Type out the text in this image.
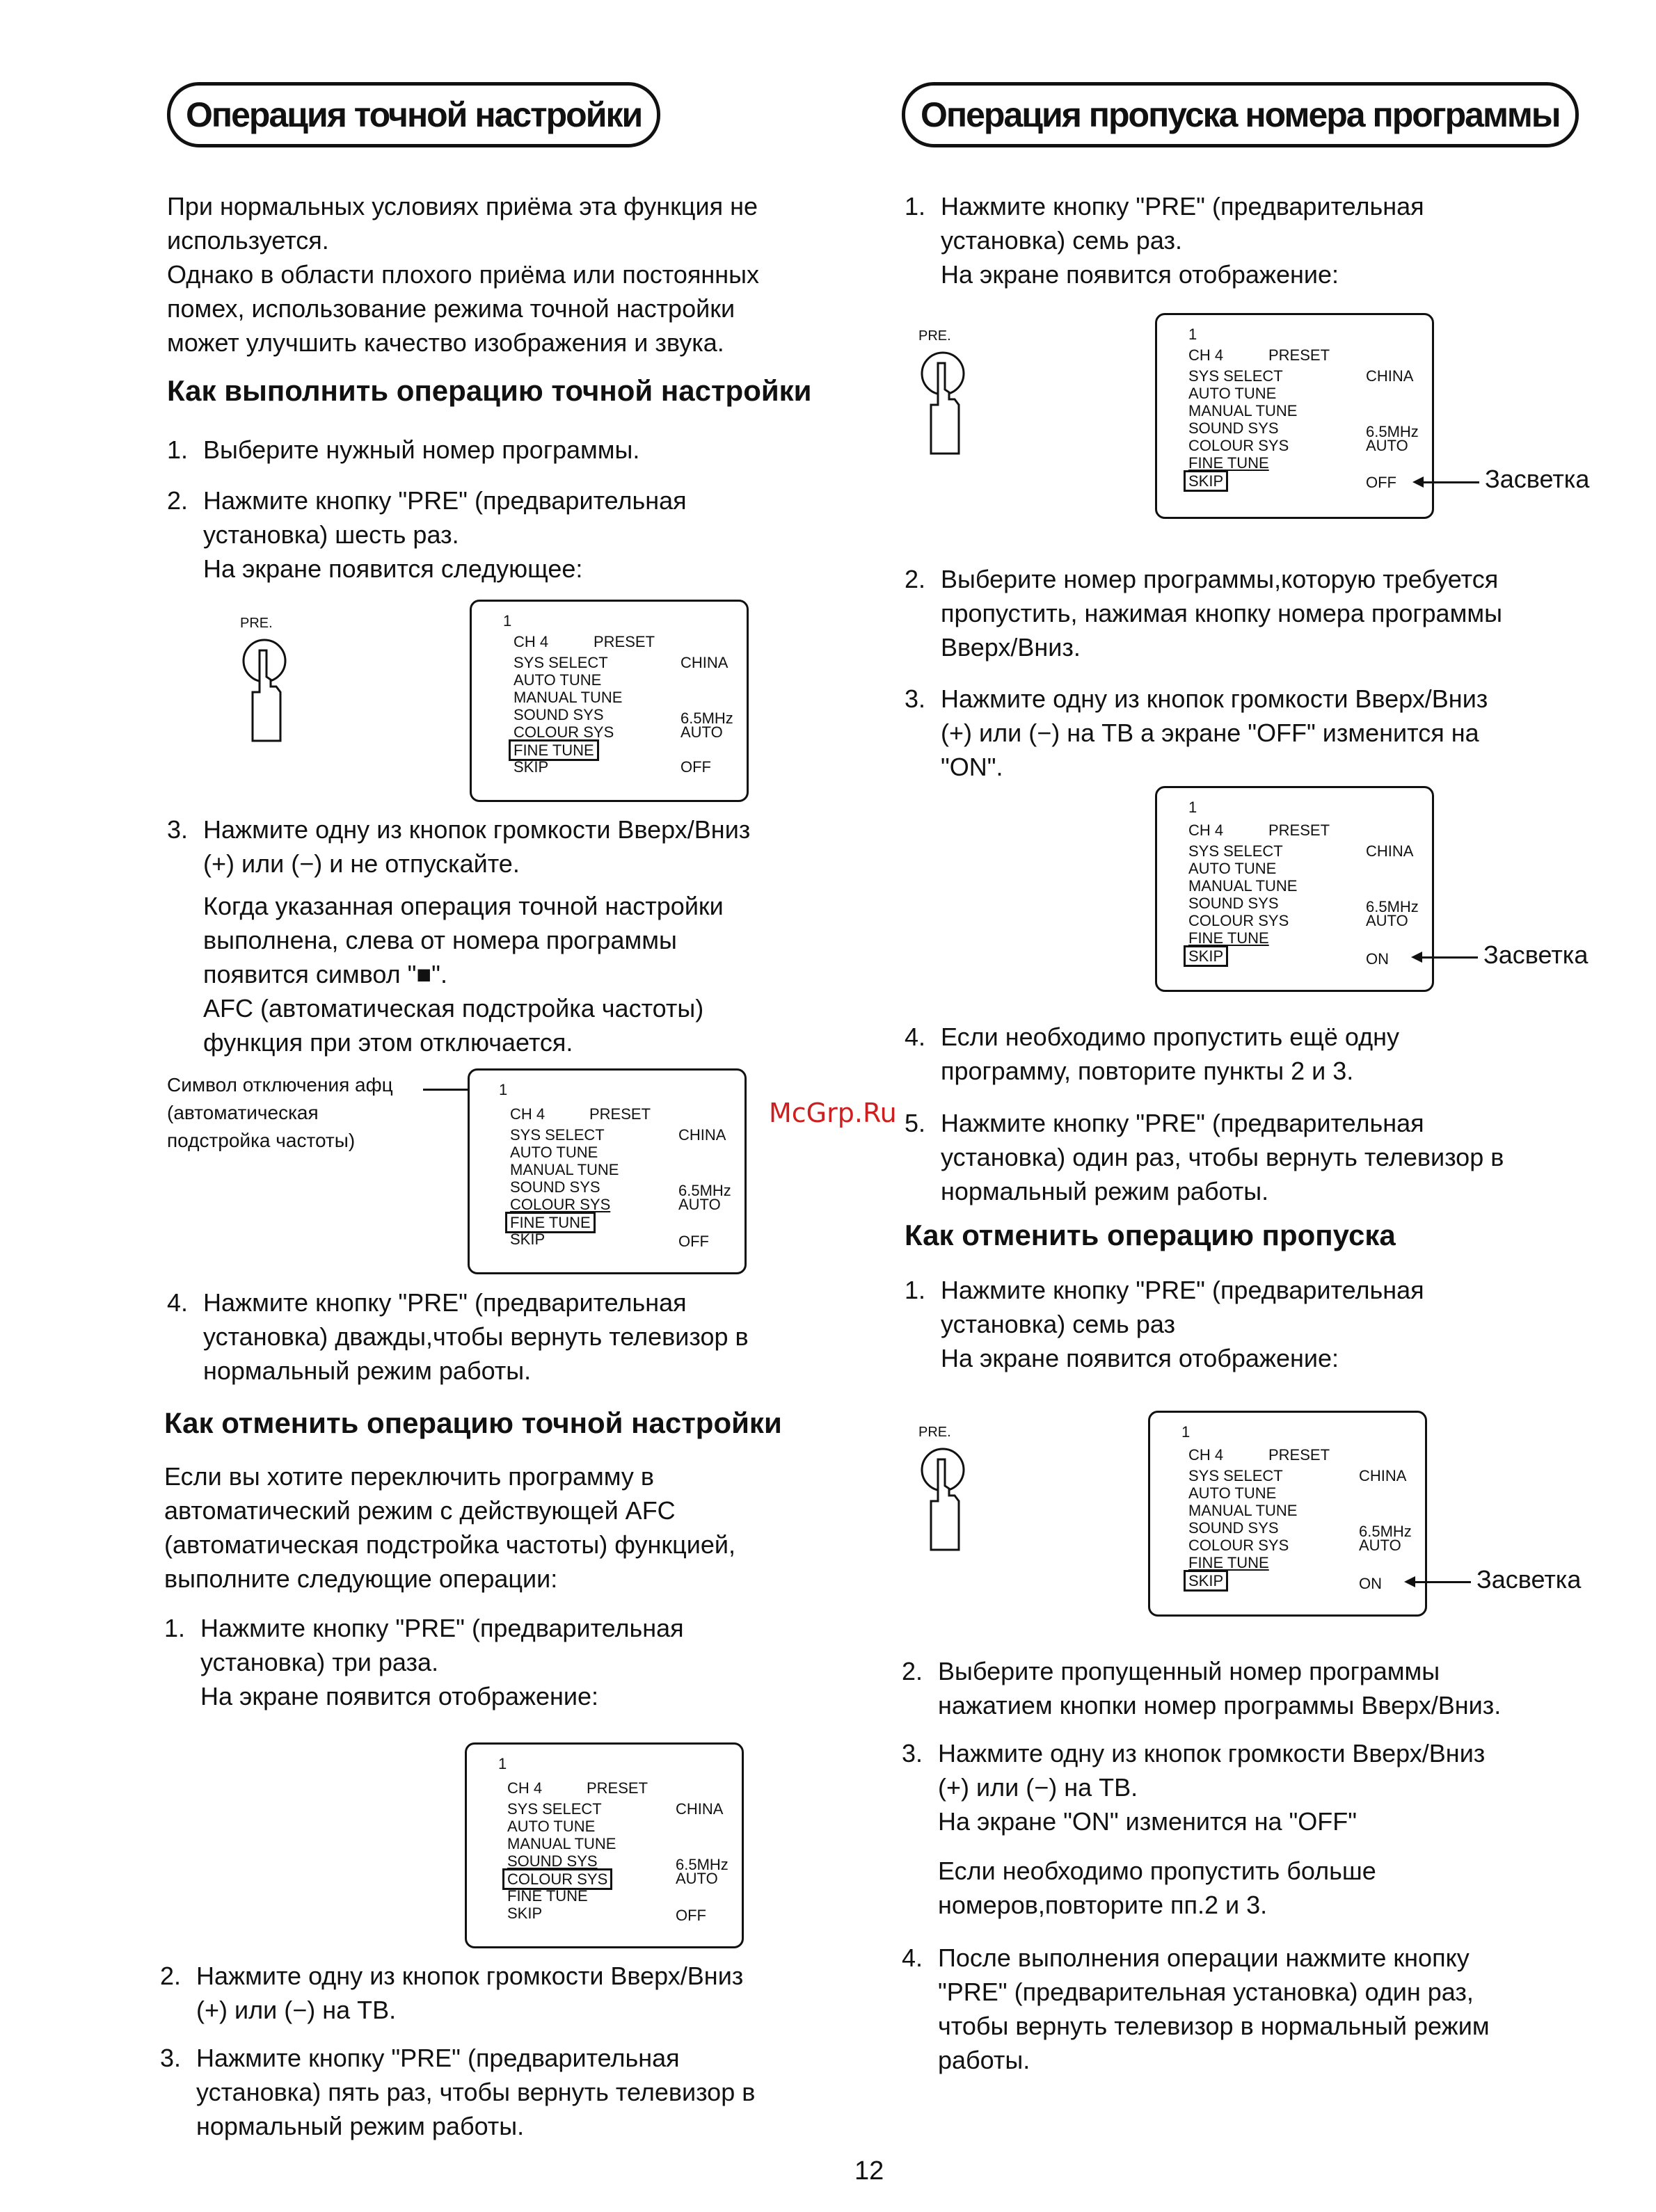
Операция точной настройки
При нормальных условиях приёма эта функция не
используется.
Однако в области плохого приёма или постоянных
помех, использование режима точной настройки
может улучшить качество изображения и звука.
Как выполнить операцию точной настройки
1. Выберите нужный номер программы.
2. Нажмите кнопку "PRE" (предварительная
установка) шесть раз.
На экране появится следующее:
PRE.	1
CH 4	PRESET
SYS SELECT	CHINA
AUTO TUNE
MANUAL TUNE
SOUND SYS	6.5MHz
COLOUR SYS	AUTO
FINE TUNE
SKIP	OFF
3. Нажмите одну из кнопок громкости Вверх/Вниз
(+) или (−) и не отпускайте.
Когда указанная операция точной настройки
выполнена, слева от номера программы
появится символ "■".
AFC (автоматическая подстройка частоты)
функция при этом отключается.
Символ отключения афц
(автоматическая
подстройка частоты)
1
CH 4	PRESET
SYS SELECT	CHINA
AUTO TUNE
MANUAL TUNE
SOUND SYS	6.5MHz
COLOUR SYS	AUTO
FINE TUNE
SKIP	OFF
4. Нажмите кнопку "PRE" (предварительная
установка) дважды,чтобы вернуть телевизор в
нормальный режим работы.
Как отменить операцию точной настройки
Если вы хотите переключить программу в
автоматический режим с действующей AFC
(автоматическая подстройка частоты) функцией,
выполните следующие операции:
1. Нажмите кнопку "PRE" (предварительная
установка) три раза.
На экране появится отображение:
1
CH 4	PRESET
SYS SELECT	CHINA
AUTO TUNE
MANUAL TUNE
SOUND SYS	6.5MHz
COLOUR SYS	AUTO
FINE TUNE
SKIP	OFF
2. Нажмите одну из кнопок громкости Вверх/Вниз
(+) или (−) на ТВ.
3. Нажмите кнопку "PRE" (предварительная
установка) пять раз, чтобы вернуть телевизор в
нормальный режим работы.
Операция пропуска номера программы
1. Нажмите кнопку "PRE" (предварительная
установка) семь раз.
На экране появится отображение:
PRE.	1
CH 4	PRESET
SYS SELECT	CHINA
AUTO TUNE
MANUAL TUNE
SOUND SYS	6.5MHz
COLOUR SYS	AUTO
FINE TUNE
SKIP	OFF	Засветка
2. Выберите номер программы,которую требуется
пропустить, нажимая кнопку номера программы
Вверх/Вниз.
3. Нажмите одну из кнопок громкости Вверх/Вниз
(+) или (−) на ТВ а экране "OFF" изменится на
"ON".
1
CH 4	PRESET
SYS SELECT	CHINA
AUTO TUNE
MANUAL TUNE
SOUND SYS	6.5MHz
COLOUR SYS	AUTO
FINE TUNE
SKIP	ON	Засветка
4. Если необходимо пропустить ещё одну
программу, повторите пункты 2 и 3.
McGrp.Ru 5. Нажмите кнопку "PRE" (предварительная
установка) один раз, чтобы вернуть телевизор в
нормальный режим работы.
Как отменить операцию пропуска
1. Нажмите кнопку "PRE" (предварительная
установка) семь раз
На экране появится отображение:
PRE.	1
CH 4	PRESET
SYS SELECT	CHINA
AUTO TUNE
MANUAL TUNE
SOUND SYS	6.5MHz
COLOUR SYS	AUTO
FINE TUNE
SKIP	ON	Засветка
2. Выберите пропущенный номер программы
нажатием кнопки номер программы Вверх/Вниз.
3. Нажмите одну из кнопок громкости Вверх/Вниз
(+) или (−) на ТВ.
На экране "ON" изменится на "OFF"
Если необходимо пропустить больше
номеров,повторите пп.2 и 3.
4. После выполнения операции нажмите кнопку
"PRE" (предварительная установка) один раз,
чтобы вернуть телевизор в нормальный режим
работы.
12
